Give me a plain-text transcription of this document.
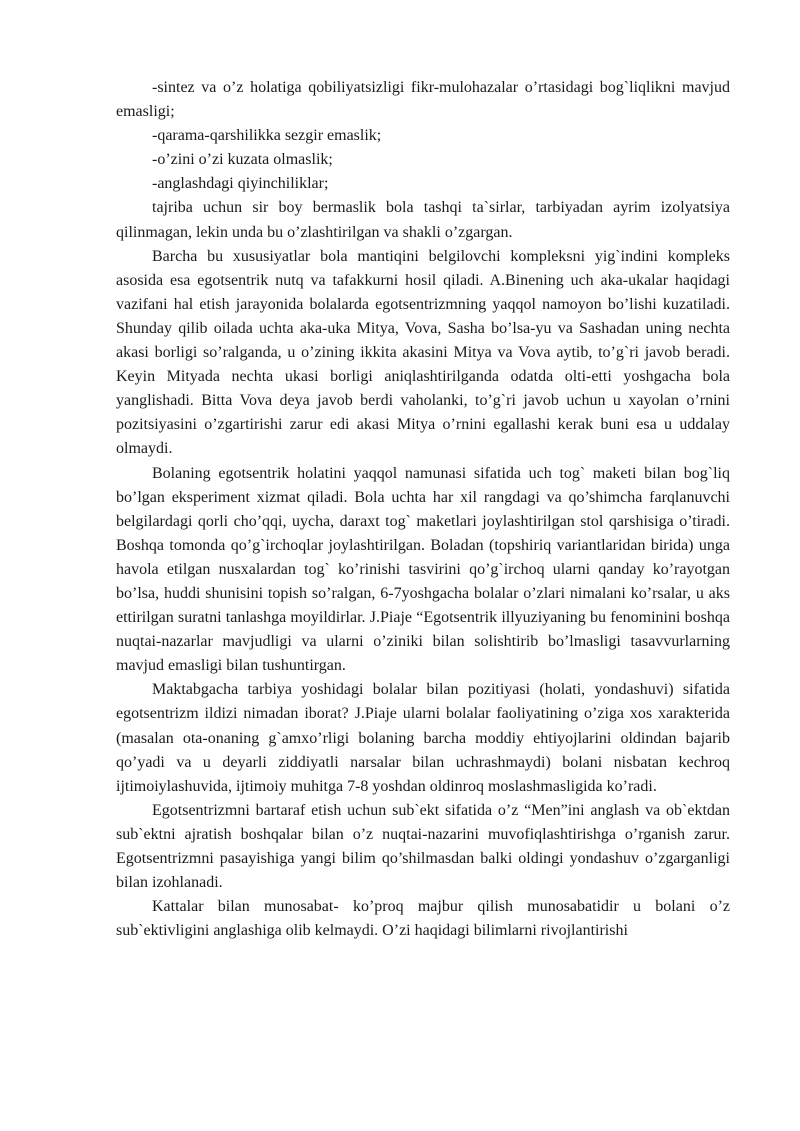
-sintez va o’z holatiga qobiliyatsizligi fikr-mulohazalar o’rtasidagi bog`liqlikni mavjud emasligi;

-qarama-qarshilikka sezgir emaslik;

-o’zini o’zi kuzata olmaslik;

-anglashdagi qiyinchiliklar;

tajriba uchun sir boy bermaslik bola tashqi ta`sirlar, tarbiyadan ayrim izolyatsiya qilinmagan, lekin unda bu o’zlashtirilgan va shakli o’zgargan.

Barcha bu xususiyatlar bola mantiqini belgilovchi kompleksni yig`indini kompleks asosida esa egotsentrik nutq va tafakkurni hosil qiladi. A.Binening uch aka-ukalar haqidagi vazifani hal etish jarayonida bolalarda egotsentrizmning yaqqol namoyon bo’lishi kuzatiladi. Shunday qilib oilada uchta aka-uka Mitya, Vova, Sasha bo’lsa-yu va Sashadan uning nechta akasi borligi so’ralganda, u o’zining ikkita akasini Mitya va Vova aytib, to’g`ri javob beradi. Keyin Mityada nechta ukasi borligi aniqlashtirilganda odatda olti-etti yoshgacha bola yanglishadi. Bitta Vova deya javob berdi vaholanki, to’g`ri javob uchun u xayolan o’rnini pozitsiyasini o’zgartirishi zarur edi akasi Mitya o’rnini egallashi kerak buni esa u uddalay olmaydi.

Bolaning egotsentrik holatini yaqqol namunasi sifatida uch tog` maketi bilan bog`liq bo’lgan eksperiment xizmat qiladi. Bola uchta har xil rangdagi va qo’shimcha farqlanuvchi belgilardagi qorli cho’qqi, uycha, daraxt tog` maketlari joylashtirilgan stol qarshisiga o’tiradi. Boshqa tomonda qo’g`irchoqlar joylashtirilgan. Boladan (topshiriq variantlaridan birida) unga havola etilgan nusxalardan tog` ko’rinishi tasvirini qo’g`irchoq ularni qanday ko’rayotgan bo’lsa, huddi shunisini topish so’ralgan, 6-7yoshgacha bolalar o’zlari nimalani ko’rsalar, u aks ettirilgan suratni tanlashga moyildirlar. J.Piaje “Egotsentrik illyuziyaning bu fenominini boshqa nuqtai-nazarlar mavjudligi va ularni o’ziniki bilan solishtirib bo’lmasligi tasavvurlarning mavjud emasligi bilan tushuntirgan.

Maktabgacha tarbiya yoshidagi bolalar bilan pozitiyasi (holati, yondashuvi) sifatida egotsentrizm ildizi nimadan iborat? J.Piaje ularni bolalar faoliyatining o’ziga xos xarakterida (masalan ota-onaning g`amxo’rligi bolaning barcha moddiy ehtiyojlarini oldindan bajarib qo’yadi va u deyarli ziddiyatli narsalar bilan uchrashmaydi) bolani nisbatan kechroq ijtimoiylashuvida, ijtimoiy muhitga 7-8 yoshdan oldinroq moslashmasligida ko’radi.

Egotsentrizmni bartaraf etish uchun sub`ekt sifatida o’z “Men”ini anglash va ob`ektdan sub`ektni ajratish boshqalar bilan o’z nuqtai-nazarini muvofiqlashtirishga o’rganish zarur. Egotsentrizmni pasayishiga yangi bilim qo’shilmasdan balki oldingi yondashuv o’zgarganligi bilan izohlanadi.

Kattalar bilan munosabat- ko’proq majbur qilish munosabatidir u bolani o’z sub`ektivligini anglashiga olib kelmaydi. O’zi haqidagi bilimlarni rivojlantirishi
